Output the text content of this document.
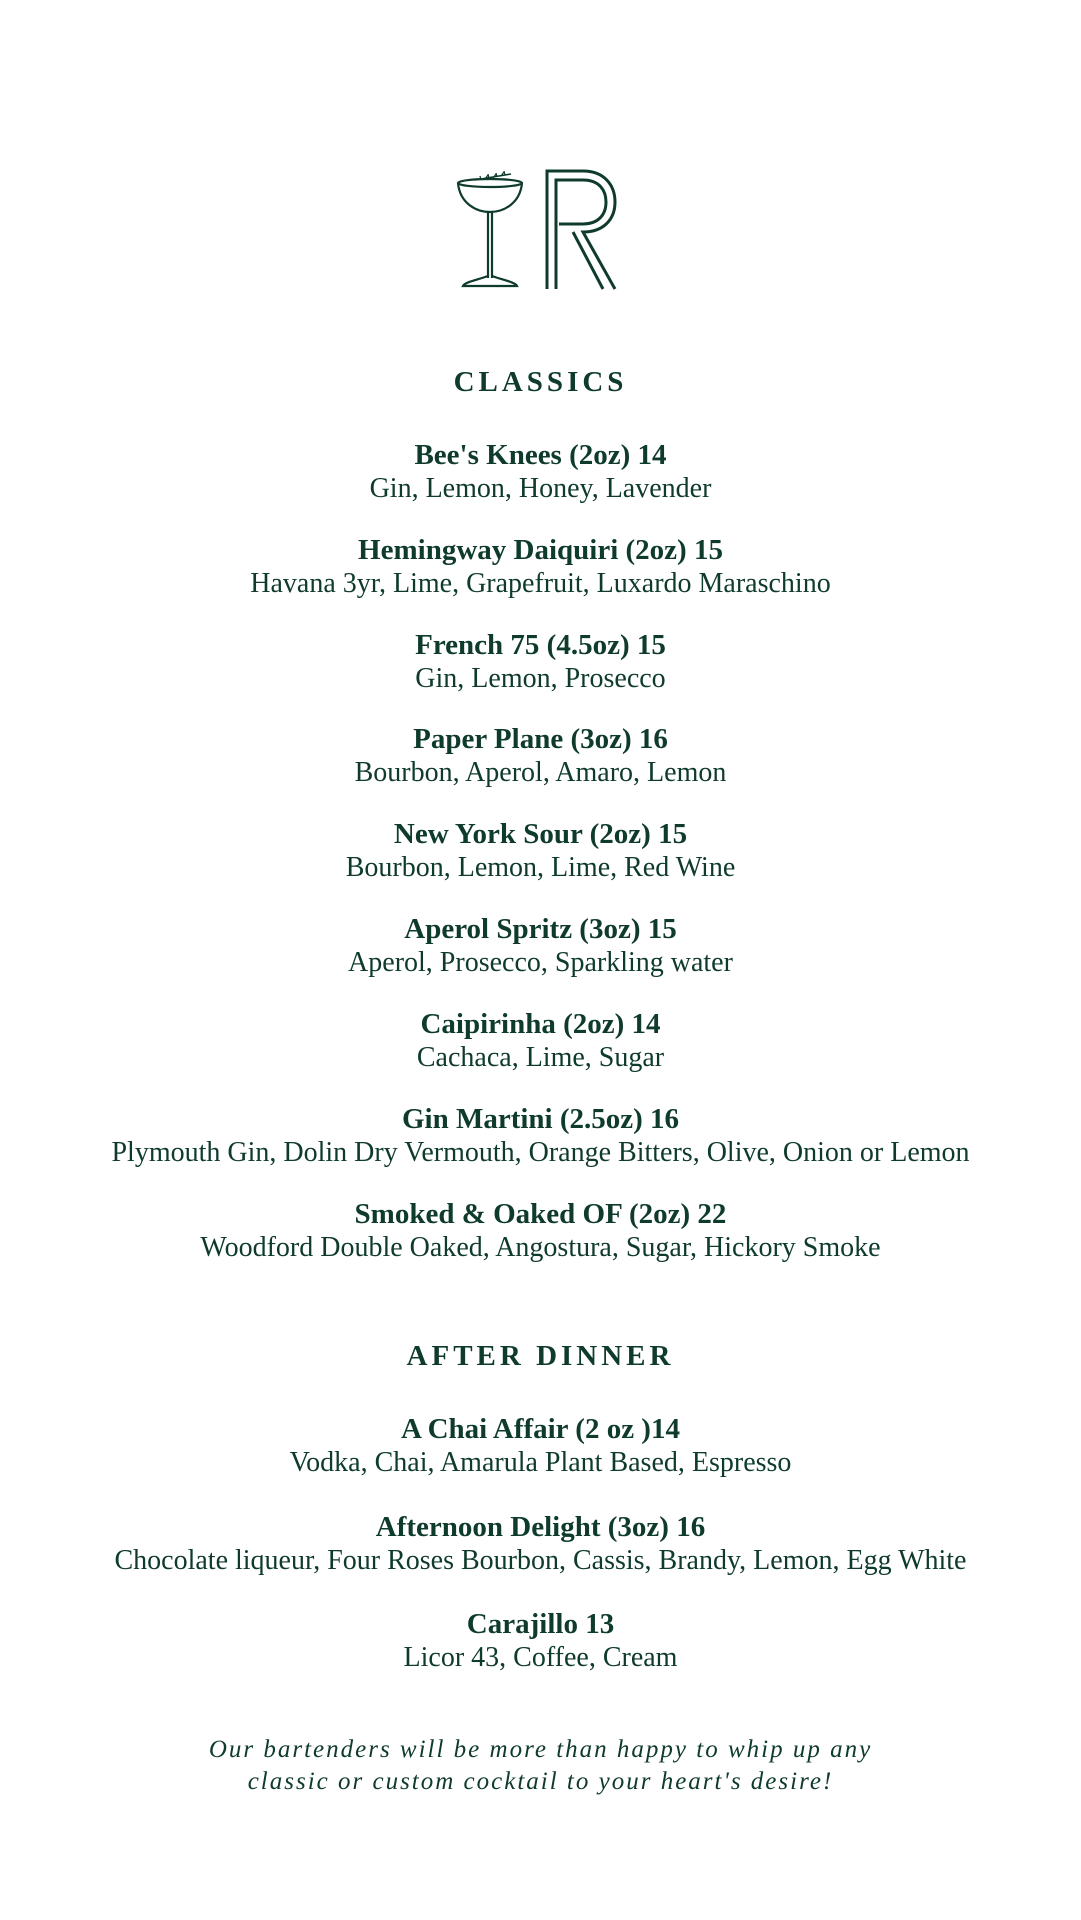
CLASSICS
Bee's Knees (2oz) 14
Gin, Lemon, Honey, Lavender
Hemingway Daiquiri (2oz) 15
Havana 3yr, Lime, Grapefruit, Luxardo Maraschino
French 75 (4.5oz) 15
Gin, Lemon, Prosecco
Paper Plane (3oz) 16
Bourbon, Aperol, Amaro, Lemon
New York Sour (2oz) 15
Bourbon, Lemon, Lime, Red Wine
Aperol Spritz (3oz) 15
Aperol, Prosecco, Sparkling water
Caipirinha (2oz) 14
Cachaca, Lime, Sugar
Gin Martini (2.5oz) 16
Plymouth Gin, Dolin Dry Vermouth, Orange Bitters, Olive, Onion or Lemon
Smoked & Oaked OF (2oz) 22
Woodford Double Oaked, Angostura, Sugar, Hickory Smoke
AFTER DINNER
A Chai Affair (2 oz )14
Vodka, Chai, Amarula Plant Based, Espresso
Afternoon Delight (3oz) 16
Chocolate liqueur, Four Roses Bourbon, Cassis, Brandy, Lemon, Egg White
Carajillo 13
Licor 43, Coffee, Cream
Our bartenders will be more than happy to whip up any
classic or custom cocktail to your heart's desire!
